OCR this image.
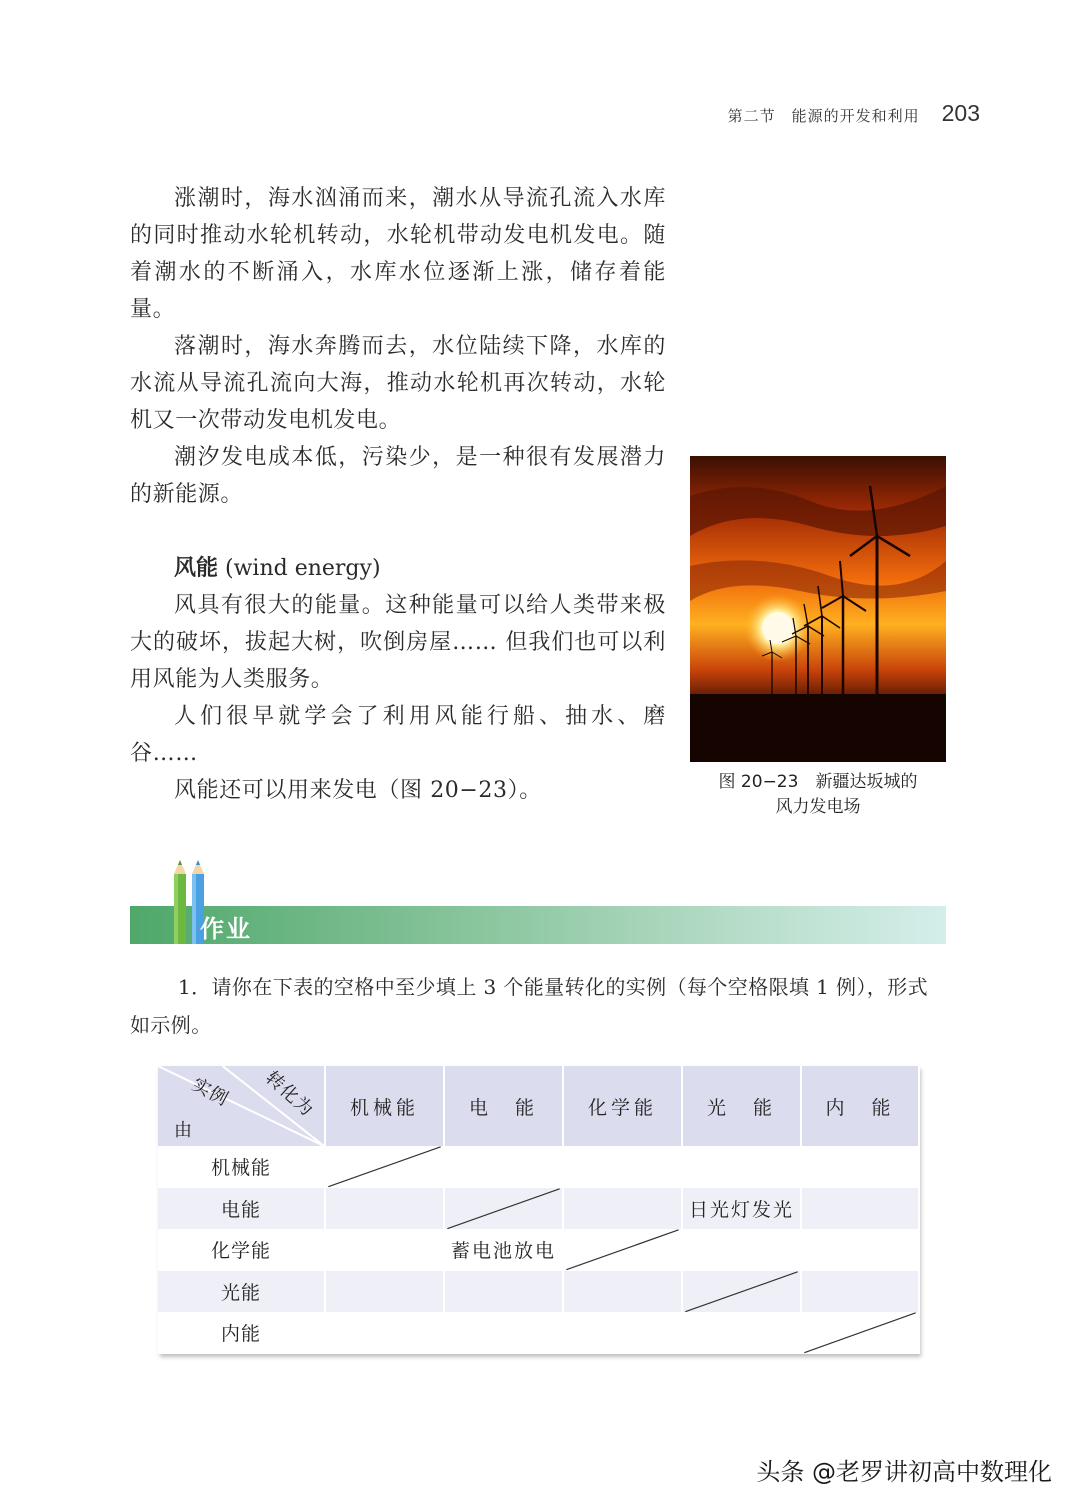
第二节　能源的开发和利用 203

涨潮时，海水汹涌而来，潮水从导流孔流入水库的同时推动水轮机转动，水轮机带动发电机发电。随着潮水的不断涌入，水库水位逐渐上涨，储存着能量。

落潮时，海水奔腾而去，水位陆续下降，水库的水流从导流孔流向大海，推动水轮机再次转动，水轮机又一次带动发电机发电。

潮汐发电成本低，污染少，是一种很有发展潜力的新能源。

风能 (wind energy)

风具有很大的能量。这种能量可以给人类带来极大的破坏，拔起大树，吹倒房屋…… 但我们也可以利用风能为人类服务。

人们很早就学会了利用风能行船、抽水、磨谷……

风能还可以用来发电（图 20−23）。	图 20−23　新疆达坂城的
风力发电场
作业

1．请你在下表的空格中至少填上 3 个能量转化的实例（每个空格限填 1 例），形式如示例。

实例 转化为
由	机械能	电　能	化学能	光　能	内　能
机械能	

电能				日光灯发光	
化学能		蓄电池放电	

光能				

内能					
头条 @老罗讲初高中数理化
